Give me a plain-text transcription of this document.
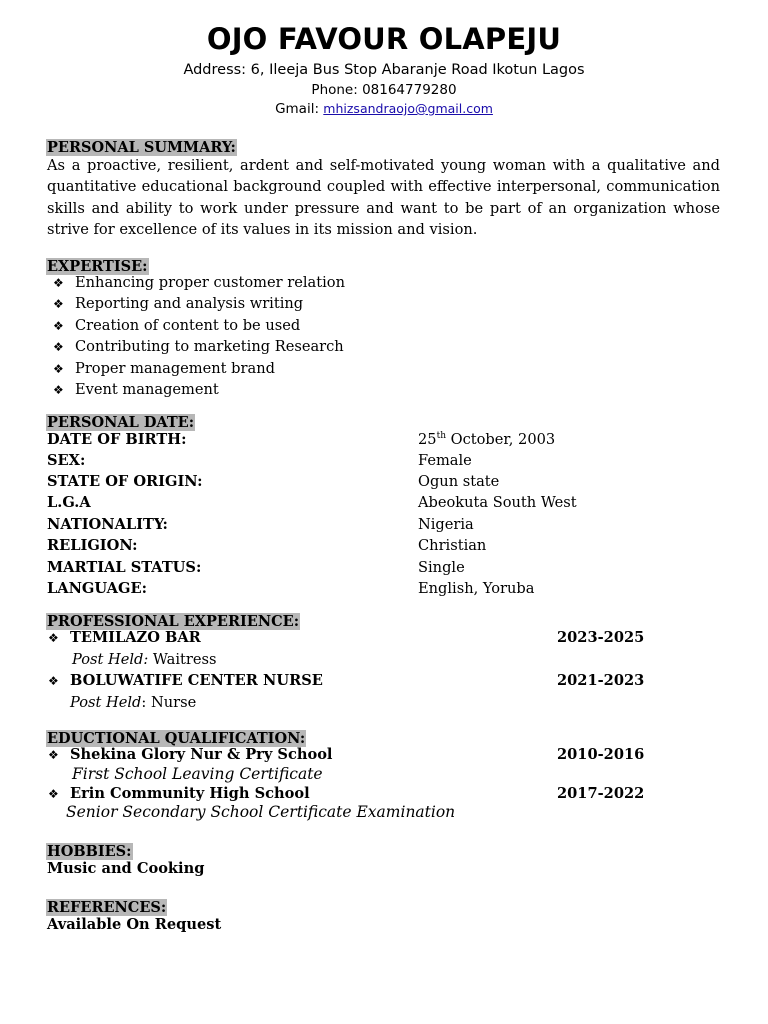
OJO FAVOUR OLAPEJU
Address: 6, Ileeja Bus Stop Abaranje Road Ikotun Lagos
Phone: 08164779280
Gmail: mhizsandraojo@gmail.com
PERSONAL SUMMARY:
As a proactive, resilient, ardent and self-motivated young woman with a qualitative and quantitative educational background coupled with effective interpersonal, communication skills and ability to work under pressure and want to be part of an organization whose strive for excellence of its values in its mission and vision.
EXPERTISE:
❖ Enhancing proper customer relation
❖ Reporting and analysis writing
❖ Creation of content to be used
❖ Contributing to marketing Research
❖ Proper management brand
❖ Event management
PERSONAL DATE:
DATE OF BIRTH:	25th October, 2003
SEX:	Female
STATE OF ORIGIN:	Ogun state
L.G.A	Abeokuta South West
NATIONALITY:	Nigeria
RELIGION:	Christian
MARTIAL STATUS:	Single
LANGUAGE:	English, Yoruba
PROFESSIONAL EXPERIENCE:
❖ TEMILAZO BAR	2023-2025
Post Held: Waitress
❖ BOLUWATIFE CENTER NURSE	2021-2023
Post Held: Nurse
EDUCTIONAL QUALIFICATION:
❖ Shekina Glory Nur & Pry School	2010-2016
First School Leaving Certificate
❖ Erin Community High School	2017-2022
Senior Secondary School Certificate Examination
HOBBIES:
Music and Cooking
REFERENCES:
Available On Request
